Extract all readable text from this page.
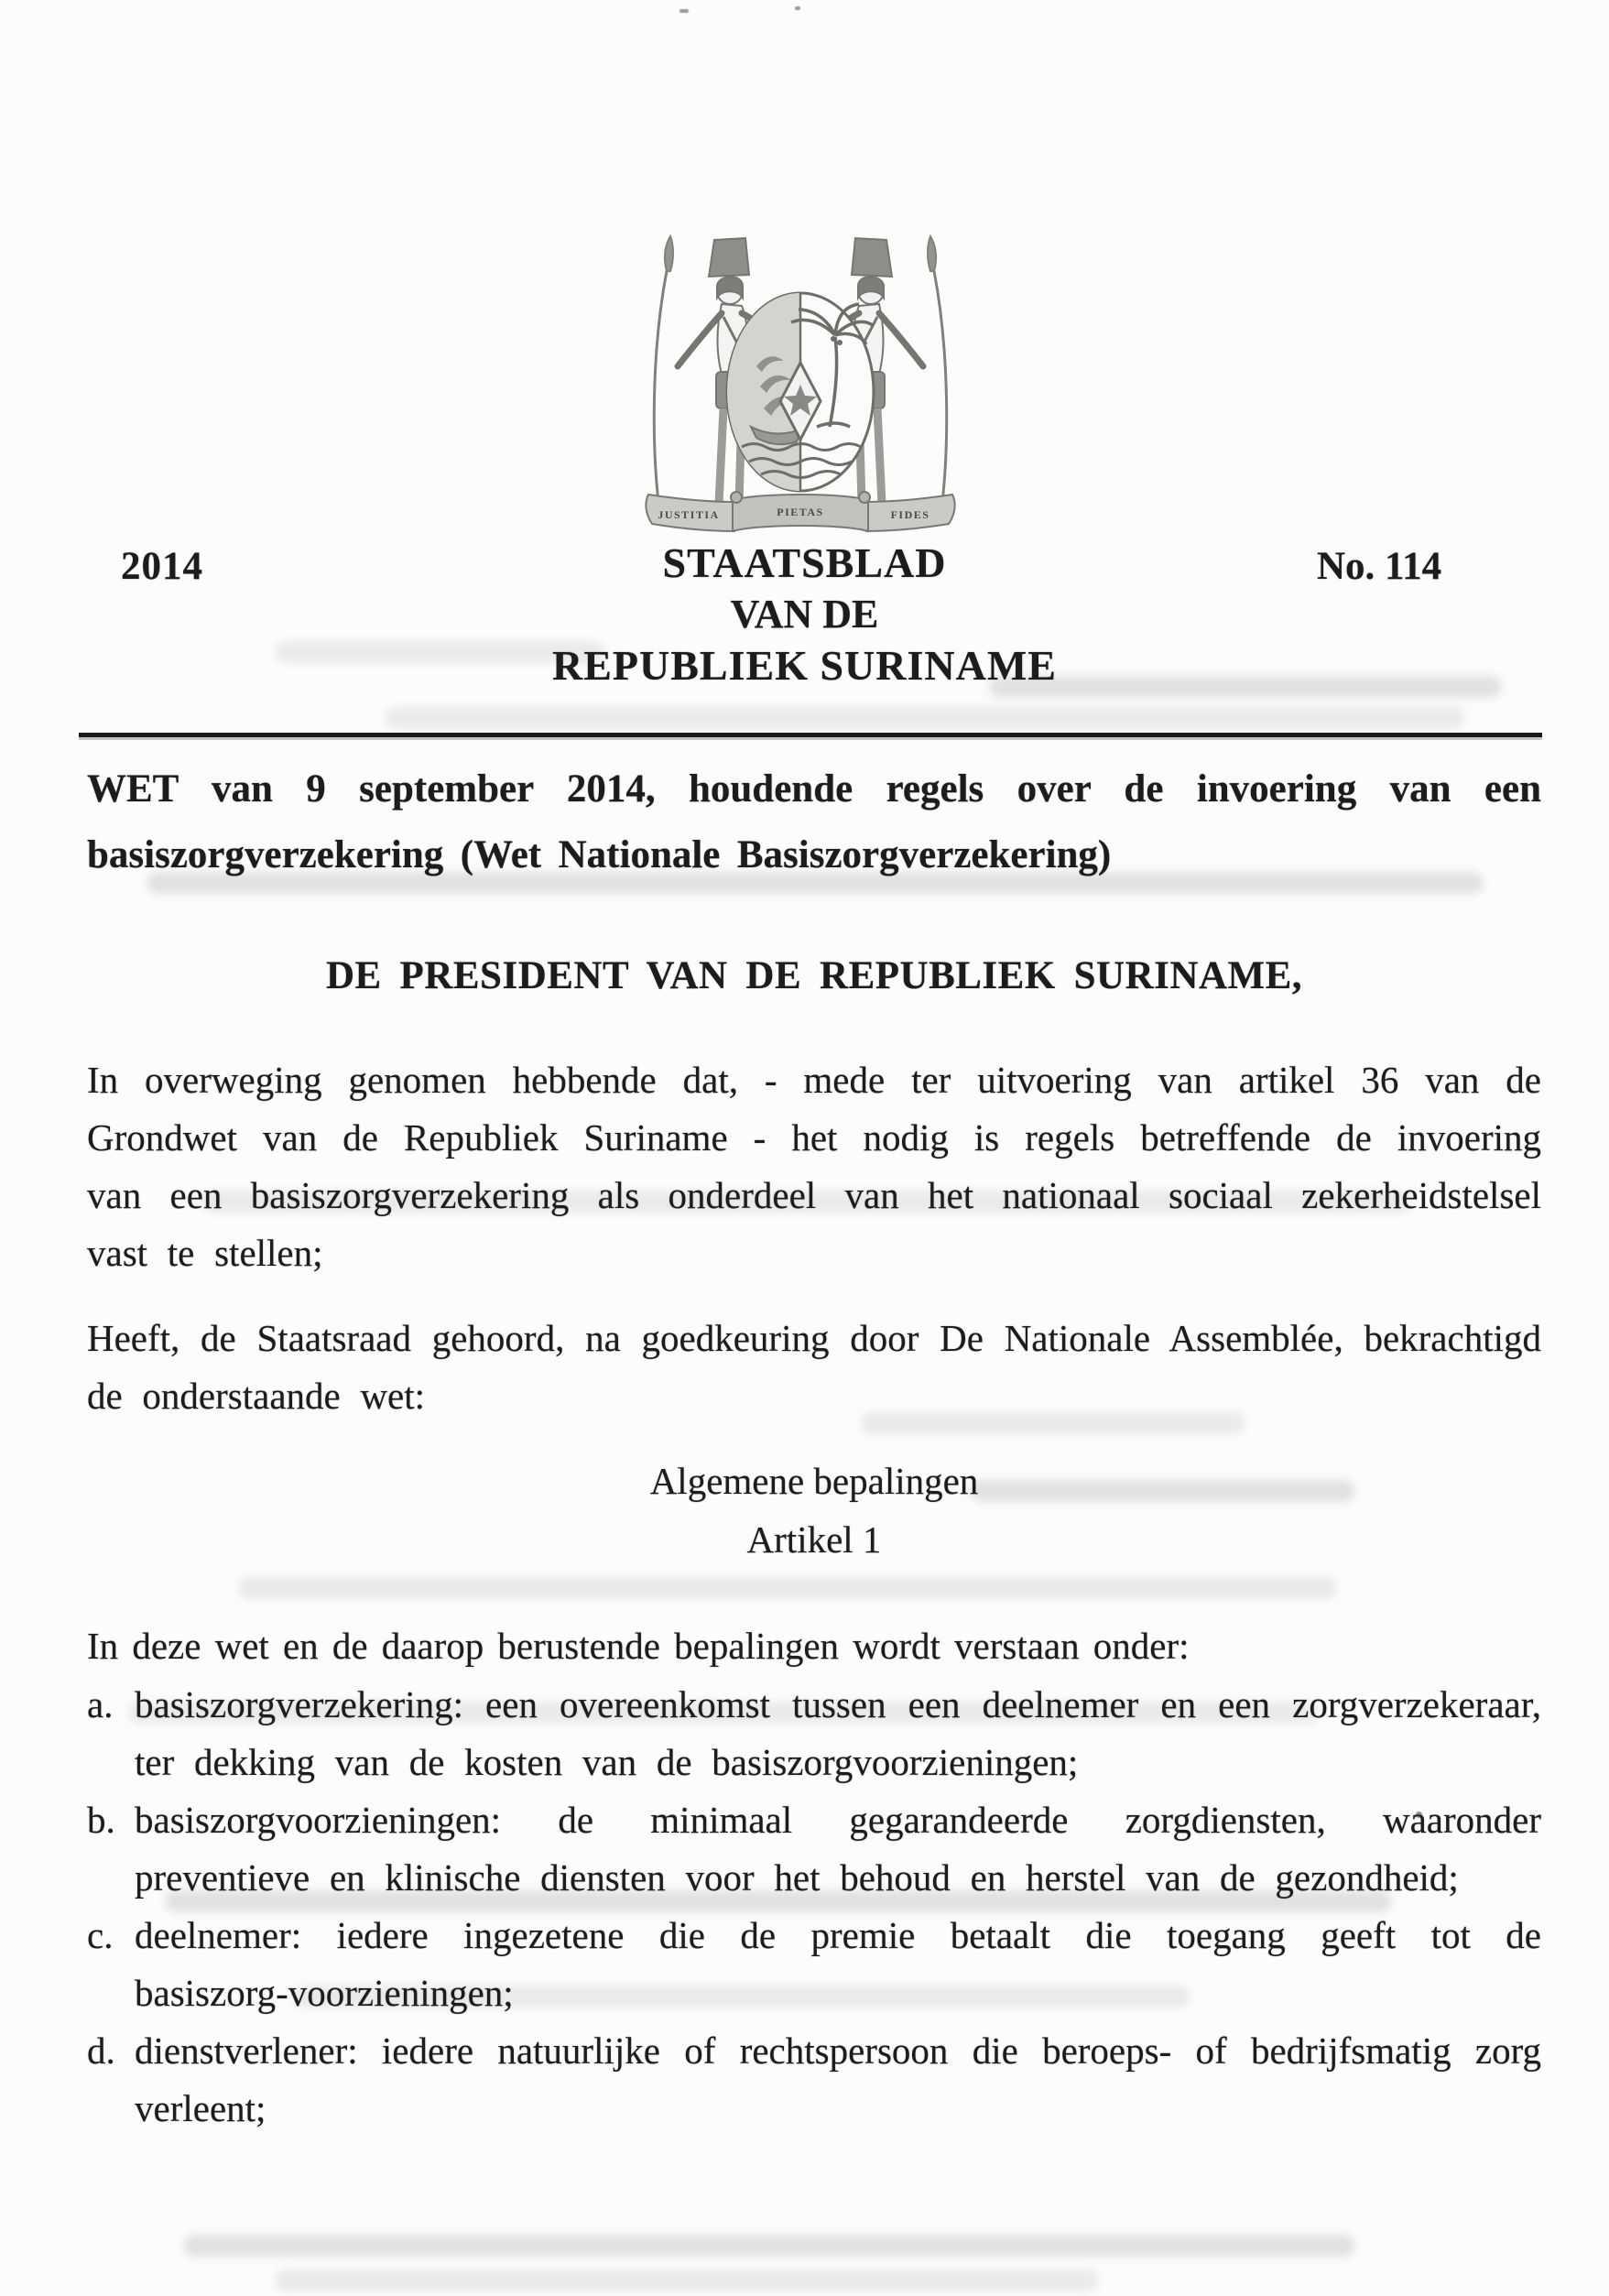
JUSTITIA	PIETAS	FIDES
2014	STAATSBLAD
VAN DE
REPUBLIEK SURINAME
No. 114
WET van 9 september 2014, houdende regels over de invoering van een basiszorgverzekering (Wet Nationale Basiszorgverzekering)
DE PRESIDENT VAN DE REPUBLIEK SURINAME,
In overweging genomen hebbende dat, - mede ter uitvoering van artikel 36 van de Grondwet van de Republiek Suriname - het nodig is regels betreffende de invoering van een basiszorgverzekering als onderdeel van het nationaal sociaal zekerheidstelsel vast te stellen;
Heeft, de Staatsraad gehoord, na goedkeuring door De Nationale Assemblée, bekrachtigd de onderstaande wet:
Algemene bepalingen
Artikel 1
In deze wet en de daarop berustende bepalingen wordt verstaan onder:
a. basiszorgverzekering: een overeenkomst tussen een deelnemer en een zorgverzekeraar, ter dekking van de kosten van de basiszorgvoorzieningen;
b. basiszorgvoorzieningen: de minimaal gegarandeerde zorgdiensten, waaronder preventieve en klinische diensten voor het behoud en herstel van de gezondheid;
c. deelnemer: iedere ingezetene die de premie betaalt die toegang geeft tot de basiszorg-voorzieningen;
d. dienstverlener: iedere natuurlijke of rechtspersoon die beroeps- of bedrijfsmatig zorg verleent;
